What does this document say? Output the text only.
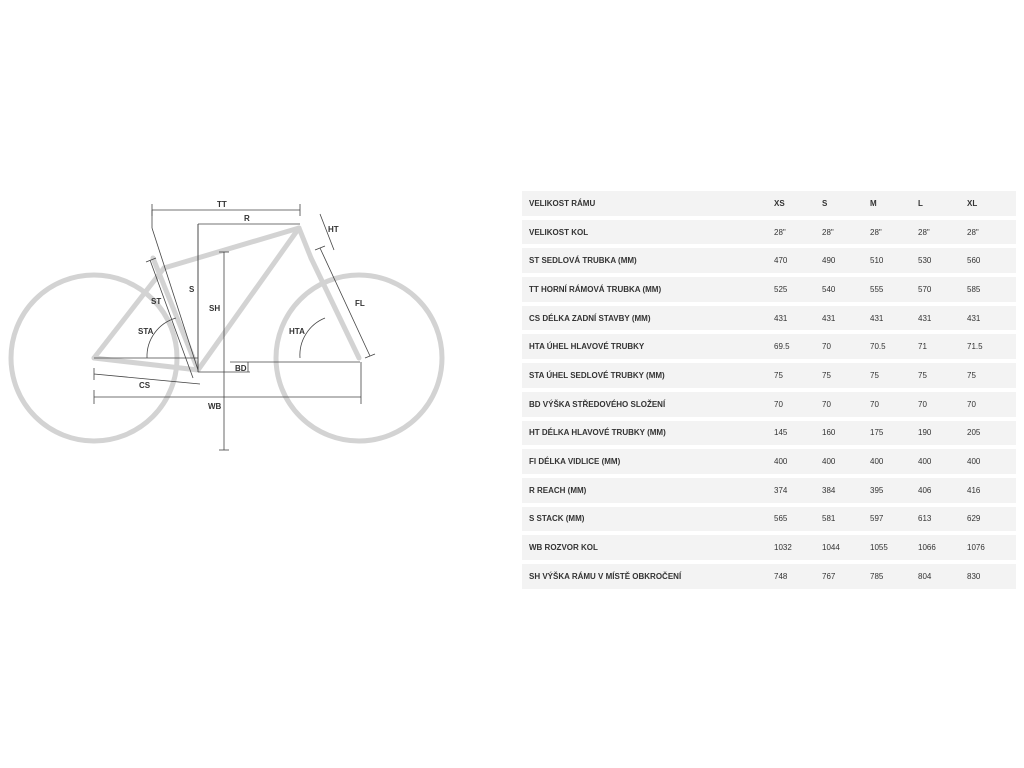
TT
R
HT
ST
S
SH
FL
STA	HTA
BD
CS
WB
VELIKOST RÁMU	XS	S	M	L	XL
VELIKOST KOL	28"	28"	28"	28"	28"
ST SEDLOVÁ TRUBKA (MM)	470	490	510	530	560
TT HORNÍ RÁMOVÁ TRUBKA (MM)	525	540	555	570	585
CS DÉLKA ZADNÍ STAVBY (MM)	431	431	431	431	431
HTA ÚHEL HLAVOVÉ TRUBKY	69.5	70	70.5	71	71.5
STA ÚHEL SEDLOVÉ TRUBKY (MM)	75	75	75	75	75
BD VÝŠKA STŘEDOVÉHO SLOŽENÍ	70	70	70	70	70
HT DÉLKA HLAVOVÉ TRUBKY (MM)	145	160	175	190	205
FI DÉLKA VIDLICE (MM)	400	400	400	400	400
R REACH (MM)	374	384	395	406	416
S STACK (MM)	565	581	597	613	629
WB ROZVOR KOL	1032	1044	1055	1066	1076
SH VÝŠKA RÁMU V MÍSTĚ OBKROČENÍ	748	767	785	804	830
